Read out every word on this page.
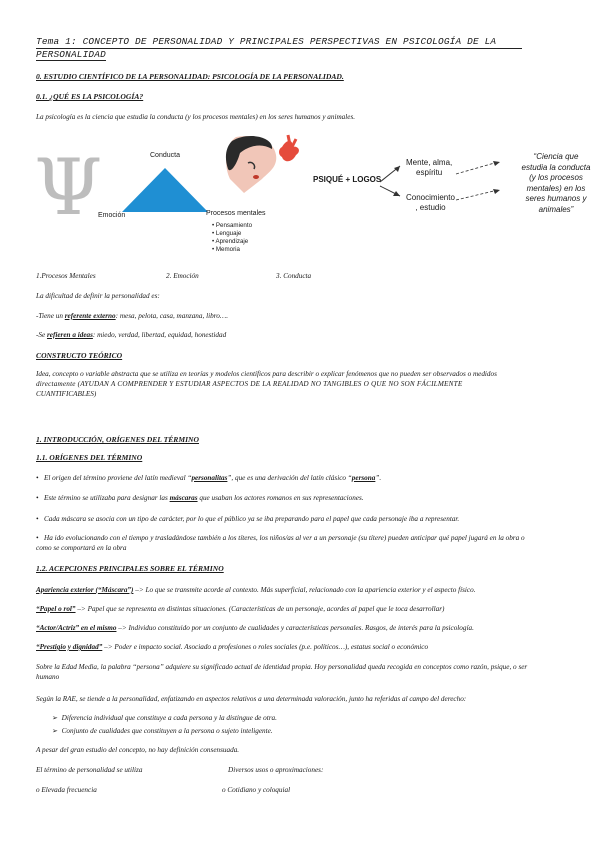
Tema 1: CONCEPTO DE PERSONALIDAD Y PRINCIPALES PERSPECTIVAS EN PSICOLOGÍA DE LA
PERSONALIDAD
0. ESTUDIO CIENTÍFICO DE LA PERSONALIDAD: PSICOLOGÍA DE LA PERSONALIDAD.
0.1. ¿QUÉ ES LA PSICOLOGÍA?
La psicología es la ciencia que estudia la conducta (y los procesos mentales) en los seres humanos y animales.
Ψ	Conducta
Emoción	Procesos mentales
• Pensamiento
• Lenguaje
• Aprendizaje
• Memoria
PSIQUÉ + LOGOS
Mente, alma,
espíritu
Conocimiento
, estudio
“Ciencia que
estudia la conducta
(y los procesos
mentales) en los
seres humanos y
animales”
1.Procesos Mentales	2. Emoción	3. Conducta
La dificultad de definir la personalidad es:
-Tiene un referente externo: mesa, pelota, casa, manzana, libro….
-Se refieren a ideas: miedo, verdad, libertad, equidad, honestidad
CONSTRUCTO TEÓRICO
Idea, concepto o variable abstracta que se utiliza en teorías y modelos científicos para describir o explicar fenómenos que no pueden ser observados o medidos
directamente (AYUDAN A COMPRENDER Y ESTUDIAR ASPECTOS DE LA REALIDAD NO TANGIBLES O QUE NO SON FÁCILMENTE
CUANTIFICABLES)
1. INTRODUCCIÓN, ORÍGENES DEL TÉRMINO
1.1. ORÍGENES DEL TÉRMINO
• El origen del término proviene del latín medieval “personalitas”, que es una derivación del latín clásico “persona”.
• Este término se utilizaba para designar las máscaras que usaban los actores romanos en sus representaciones.
• Cada máscara se asocia con un tipo de carácter, por lo que el público ya se iba preparando para el papel que cada personaje iba a representar.
• Ha ido evolucionando con el tiempo y trasladándose también a los títeres, los niños/as al ver a un personaje (su títere) pueden anticipar qué papel jugará en la obra o
como se comportará en la obra
1.2. ACEPCIONES PRINCIPALES SOBRE EL TÉRMINO
Apariencia exterior (“Máscara”) –> Lo que se transmite acorde al contexto. Más superficial, relacionado con la apariencia exterior y el aspecto físico.
“Papel o rol” –> Papel que se representa en distintas situaciones. (Características de un personaje, acordes al papel que le toca desarrollar)
“Actor/Actriz” en el mismo –> Individuo constituido por un conjunto de cualidades y características personales. Rasgos, de interés para la psicología.
“Prestigio y dignidad” –> Poder e impacto social. Asociado a profesiones o roles sociales (p.e. políticos…), estatus social o económico
Sobre la Edad Media, la palabra “persona” adquiere su significado actual de identidad propia. Hoy personalidad queda recogida en conceptos como razón, psique, o ser
humano
Según la RAE, se tiende a la personalidad, enfatizando en aspectos relativos a una determinada valoración, junto ha referidas al campo del derecho:
➢ Diferencia individual que constituye a cada persona y la distingue de otra.
➢ Conjunto de cualidades que constituyen a la persona o sujeto inteligente.
A pesar del gran estudio del concepto, no hay definición consensuada.
El término de personalidad se utiliza	Diversos usos o aproximaciones:
o Elevada frecuencia	o Cotidiano y coloquial
